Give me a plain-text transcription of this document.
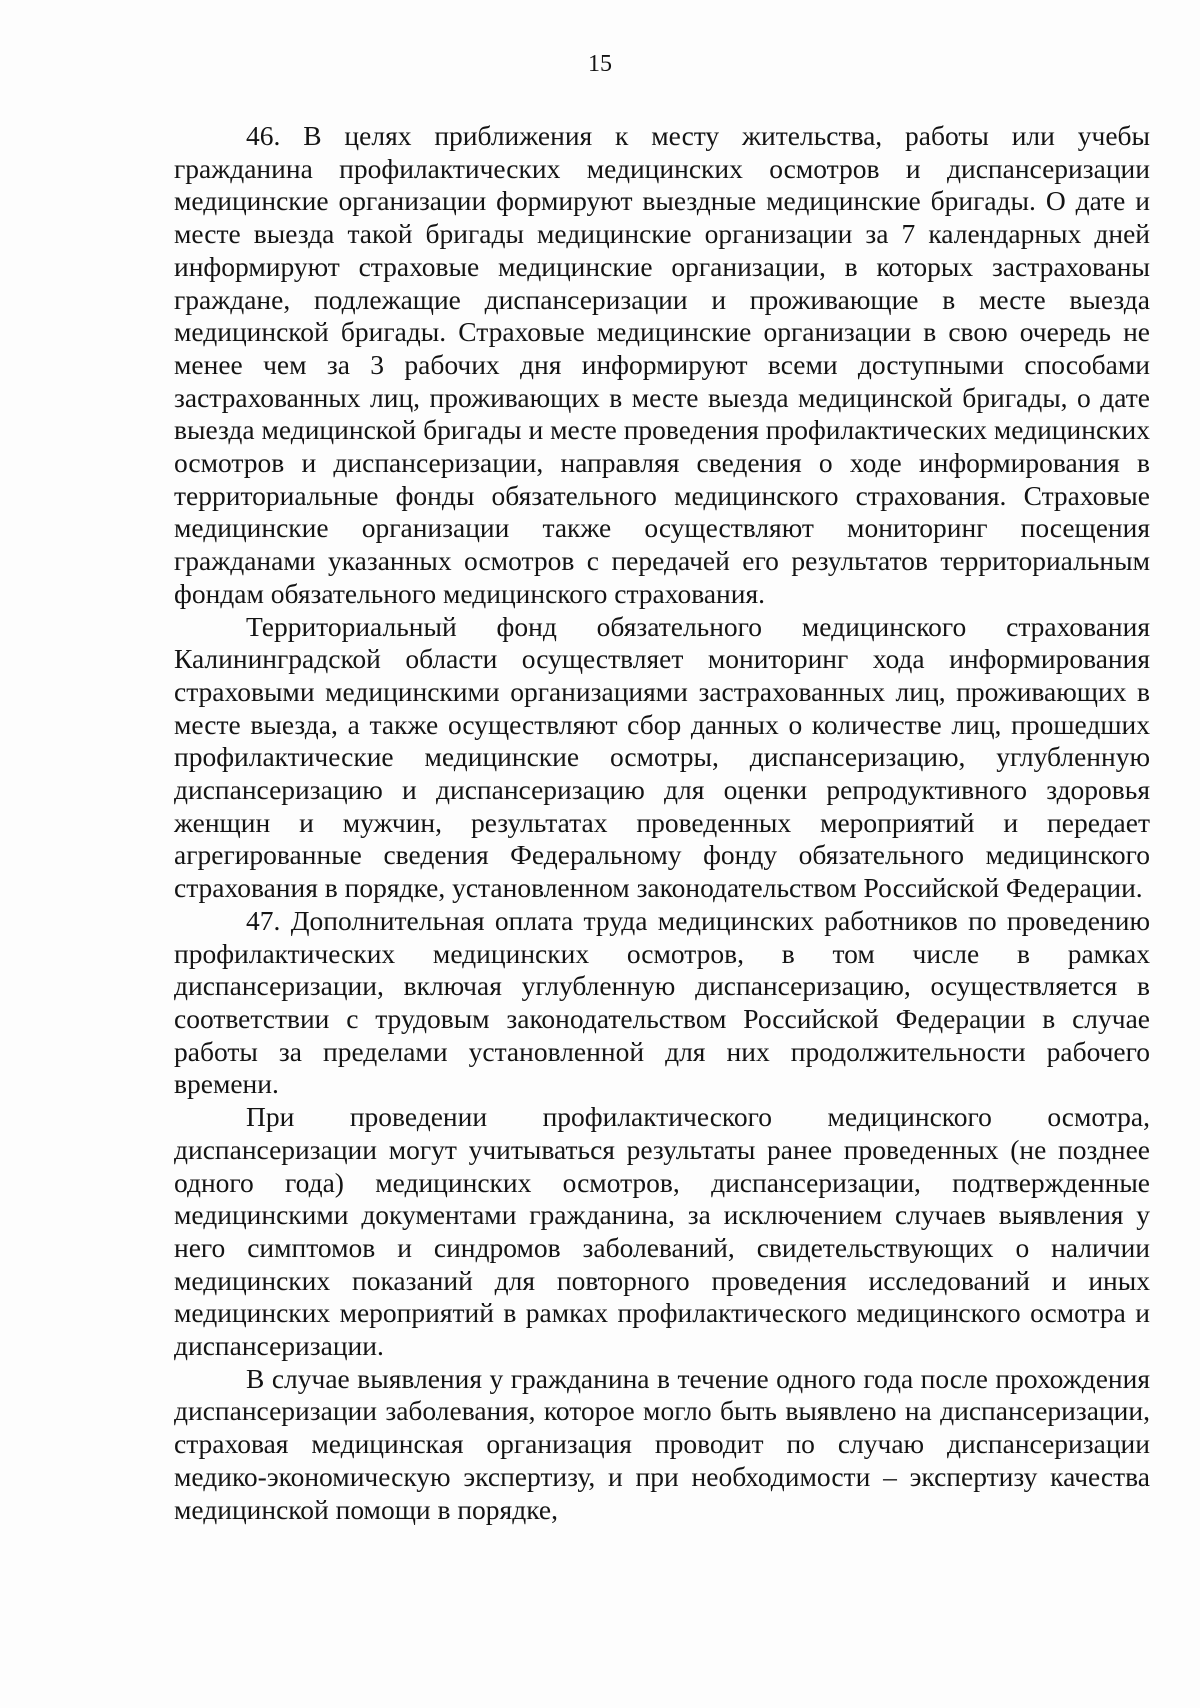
15

46. В целях приближения к месту жительства, работы или учебы гражданина профилактических медицинских осмотров и диспансеризации медицинские организации формируют выездные медицинские бригады. О дате и месте выезда такой бригады медицинские организации за 7 календарных дней информируют страховые медицинские организации, в которых застрахованы граждане, подлежащие диспансеризации и проживающие в месте выезда медицинской бригады. Страховые медицинские организации в свою очередь не менее чем за 3 рабочих дня информируют всеми доступными способами застрахованных лиц, проживающих в месте выезда медицинской бригады, о дате выезда медицинской бригады и месте проведения профилактических медицинских осмотров и диспансеризации, направляя сведения о ходе информирования в территориальные фонды обязательного медицинского страхования. Страховые медицинские организации также осуществляют мониторинг посещения гражданами указанных осмотров с передачей его результатов территориальным фондам обязательного медицинского страхования.

Территориальный фонд обязательного медицинского страхования Калининградской области осуществляет мониторинг хода информирования страховыми медицинскими организациями застрахованных лиц, проживающих в месте выезда, а также осуществляют сбор данных о количестве лиц, прошедших профилактические медицинские осмотры, диспансеризацию, углубленную диспансеризацию и диспансеризацию для оценки репродуктивного здоровья женщин и мужчин, результатах проведенных мероприятий и передает агрегированные сведения Федеральному фонду обязательного медицинского страхования в порядке, установленном законодательством Российской Федерации.

47. Дополнительная оплата труда медицинских работников по проведению профилактических медицинских осмотров, в том числе в рамках диспансеризации, включая углубленную диспансеризацию, осуществляется в соответствии с трудовым законодательством Российской Федерации в случае работы за пределами установленной для них продолжительности рабочего времени.

При проведении профилактического медицинского осмотра, диспансеризации могут учитываться результаты ранее проведенных (не позднее одного года) медицинских осмотров, диспансеризации, подтвержденные медицинскими документами гражданина, за исключением случаев выявления у него симптомов и синдромов заболеваний, свидетельствующих о наличии медицинских показаний для повторного проведения исследований и иных медицинских мероприятий в рамках профилактического медицинского осмотра и диспансеризации.

В случае выявления у гражданина в течение одного года после прохождения диспансеризации заболевания, которое могло быть выявлено на диспансеризации, страховая медицинская организация проводит по случаю диспансеризации медико-экономическую экспертизу, и при необходимости – экспертизу качества медицинской помощи в порядке,
